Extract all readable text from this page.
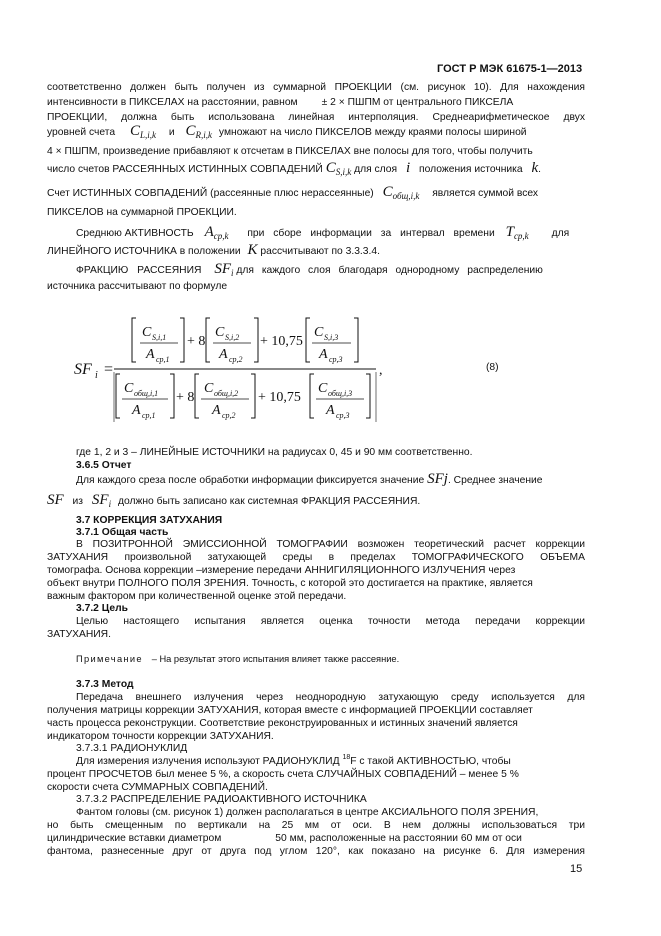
ГОСТ Р МЭК 61675-1—2013
соответственно должен быть получен из суммарной ПРОЕКЦИИ (см. рисунок 10). Для нахождения
интенсивности в ПИКСЕЛАХ на расстоянии, равном ± 2 × ПШПМ от центрального ПИКСЕЛА
ПРОЕКЦИИ, должна быть использована линейная интерполяция. Среднеарифметическое двух
уровней счета CL,i,k и CR,i,k умножают на число ПИКСЕЛОВ между краями полосы шириной
4 × ПШПМ, произведение прибавляют к отсчетам в ПИКСЕЛАХ вне полосы для того, чтобы получить
число счетов РАССЕЯННЫХ ИСТИННЫХ СОВПАДЕНИЙ CS,i,k для слоя i положения источника k.
Счет ИСТИННЫХ СОВПАДЕНИЙ (рассеянные плюс нерассеянные) Cобщ,i,k является суммой всех
ПИКСЕЛОВ на суммарной ПРОЕКЦИИ.
Среднюю АКТИВНОСТЬ Acp,k при сборе информации за интервал времени Tcp,k для
ЛИНЕЙНОГО ИСТОЧНИКА в положении K рассчитывают по 3.3.3.4.
ФРАКЦИЮ РАССЕЯНИЯ SFi для каждого слоя благодаря однородному распределению
источника рассчитывают по формуле
SF i =	,
C S,i,1
A cp,1
+ 8
C S,i,2
A cp,2
+ 10,75
C S,i,3
A cp,3
C общ,i,1
A cp,1
+ 8
C общ,i,2
A cp,2
+ 10,75
C общ,i,3
A cp,3
(8)
где 1, 2 и 3 – ЛИНЕЙНЫЕ ИСТОЧНИКИ на радиусах 0, 45 и 90 мм соответственно.
3.6.5 Отчет
Для каждого среза после обработки информации фиксируется значение SFj. Среднее значение
SF из SFi должно быть записано как системная ФРАКЦИЯ РАССЕЯНИЯ.
3.7 КОРРЕКЦИЯ ЗАТУХАНИЯ
3.7.1 Общая часть
В ПОЗИТРОННОЙ ЭМИССИОННОЙ ТОМОГРАФИИ возможен теоретический расчет коррекции
ЗАТУХАНИЯ произвольной затухающей среды в пределах ТОМОГРАФИЧЕСКОГО ОБЪЕМА
томографа. Основа коррекции –измерение передачи АННИГИЛЯЦИОННОГО ИЗЛУЧЕНИЯ через
объект внутри ПОЛНОГО ПОЛЯ ЗРЕНИЯ. Точность, с которой это достигается на практике, является
важным фактором при количественной оценке этой передачи.
3.7.2 Цель
Целью настоящего испытания является оценка точности метода передачи коррекции
ЗАТУХАНИЯ.
Примечание – На результат этого испытания влияет также рассеяние.
3.7.3 Метод
Передача внешнего излучения через неоднородную затухающую среду используется для
получения матрицы коррекции ЗАТУХАНИЯ, которая вместе с информацией ПРОЕКЦИИ составляет
часть процесса реконструкции. Соответствие реконструированных и истинных значений является
индикатором точности коррекции ЗАТУХАНИЯ.
3.7.3.1 РАДИОНУКЛИД
Для измерения излучения используют РАДИОНУКЛИД $^{18}$F с такой АКТИВНОСТЬЮ, чтобы
процент ПРОСЧЕТОВ был менее 5 %, а скорость счета СЛУЧАЙНЫХ СОВПАДЕНИЙ – менее 5 %
скорости счета СУММАРНЫХ СОВПАДЕНИЙ.
3.7.3.2 РАСПРЕДЕЛЕНИЕ РАДИОАКТИВНОГО ИСТОЧНИКА
Фантом головы (см. рисунок 1) должен располагаться в центре АКСИАЛЬНОГО ПОЛЯ ЗРЕНИЯ,
но быть смещенным по вертикали на 25 мм от оси. В нем должны использоваться три
цилиндрические вставки диаметром	50 мм, расположенные на расстоянии 60 мм от оси
фантома, разнесенные друг от друга под углом 120°, как показано на рисунке 6. Для измерения
15
